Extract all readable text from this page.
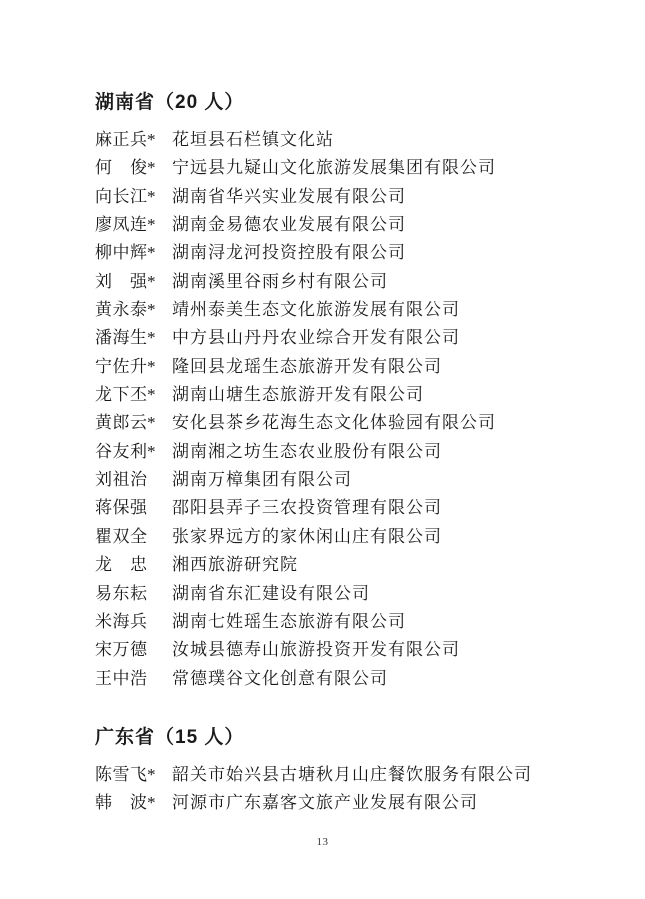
湖南省（20 人）
麻正兵* 花垣县石栏镇文化站
何　俊* 宁远县九疑山文化旅游发展集团有限公司
向长江* 湖南省华兴实业发展有限公司
廖凤连* 湖南金易德农业发展有限公司
柳中辉* 湖南浔龙河投资控股有限公司
刘　强* 湖南溪里谷雨乡村有限公司
黄永泰* 靖州泰美生态文化旅游发展有限公司
潘海生* 中方县山丹丹农业综合开发有限公司
宁佐升* 隆回县龙瑶生态旅游开发有限公司
龙下丕* 湖南山塘生态旅游开发有限公司
黄郎云* 安化县茶乡花海生态文化体验园有限公司
谷友利* 湖南湘之坊生态农业股份有限公司
刘祖治 湖南万樟集团有限公司
蒋保强 邵阳县弄子三农投资管理有限公司
瞿双全 张家界远方的家休闲山庄有限公司
龙　忠 湘西旅游研究院
易东耘 湖南省东汇建设有限公司
米海兵 湖南七姓瑶生态旅游有限公司
宋万德 汝城县德寿山旅游投资开发有限公司
王中浩 常德璞谷文化创意有限公司
广东省（15 人）
陈雪飞* 韶关市始兴县古塘秋月山庄餐饮服务有限公司
韩　波* 河源市广东嘉客文旅产业发展有限公司
13
